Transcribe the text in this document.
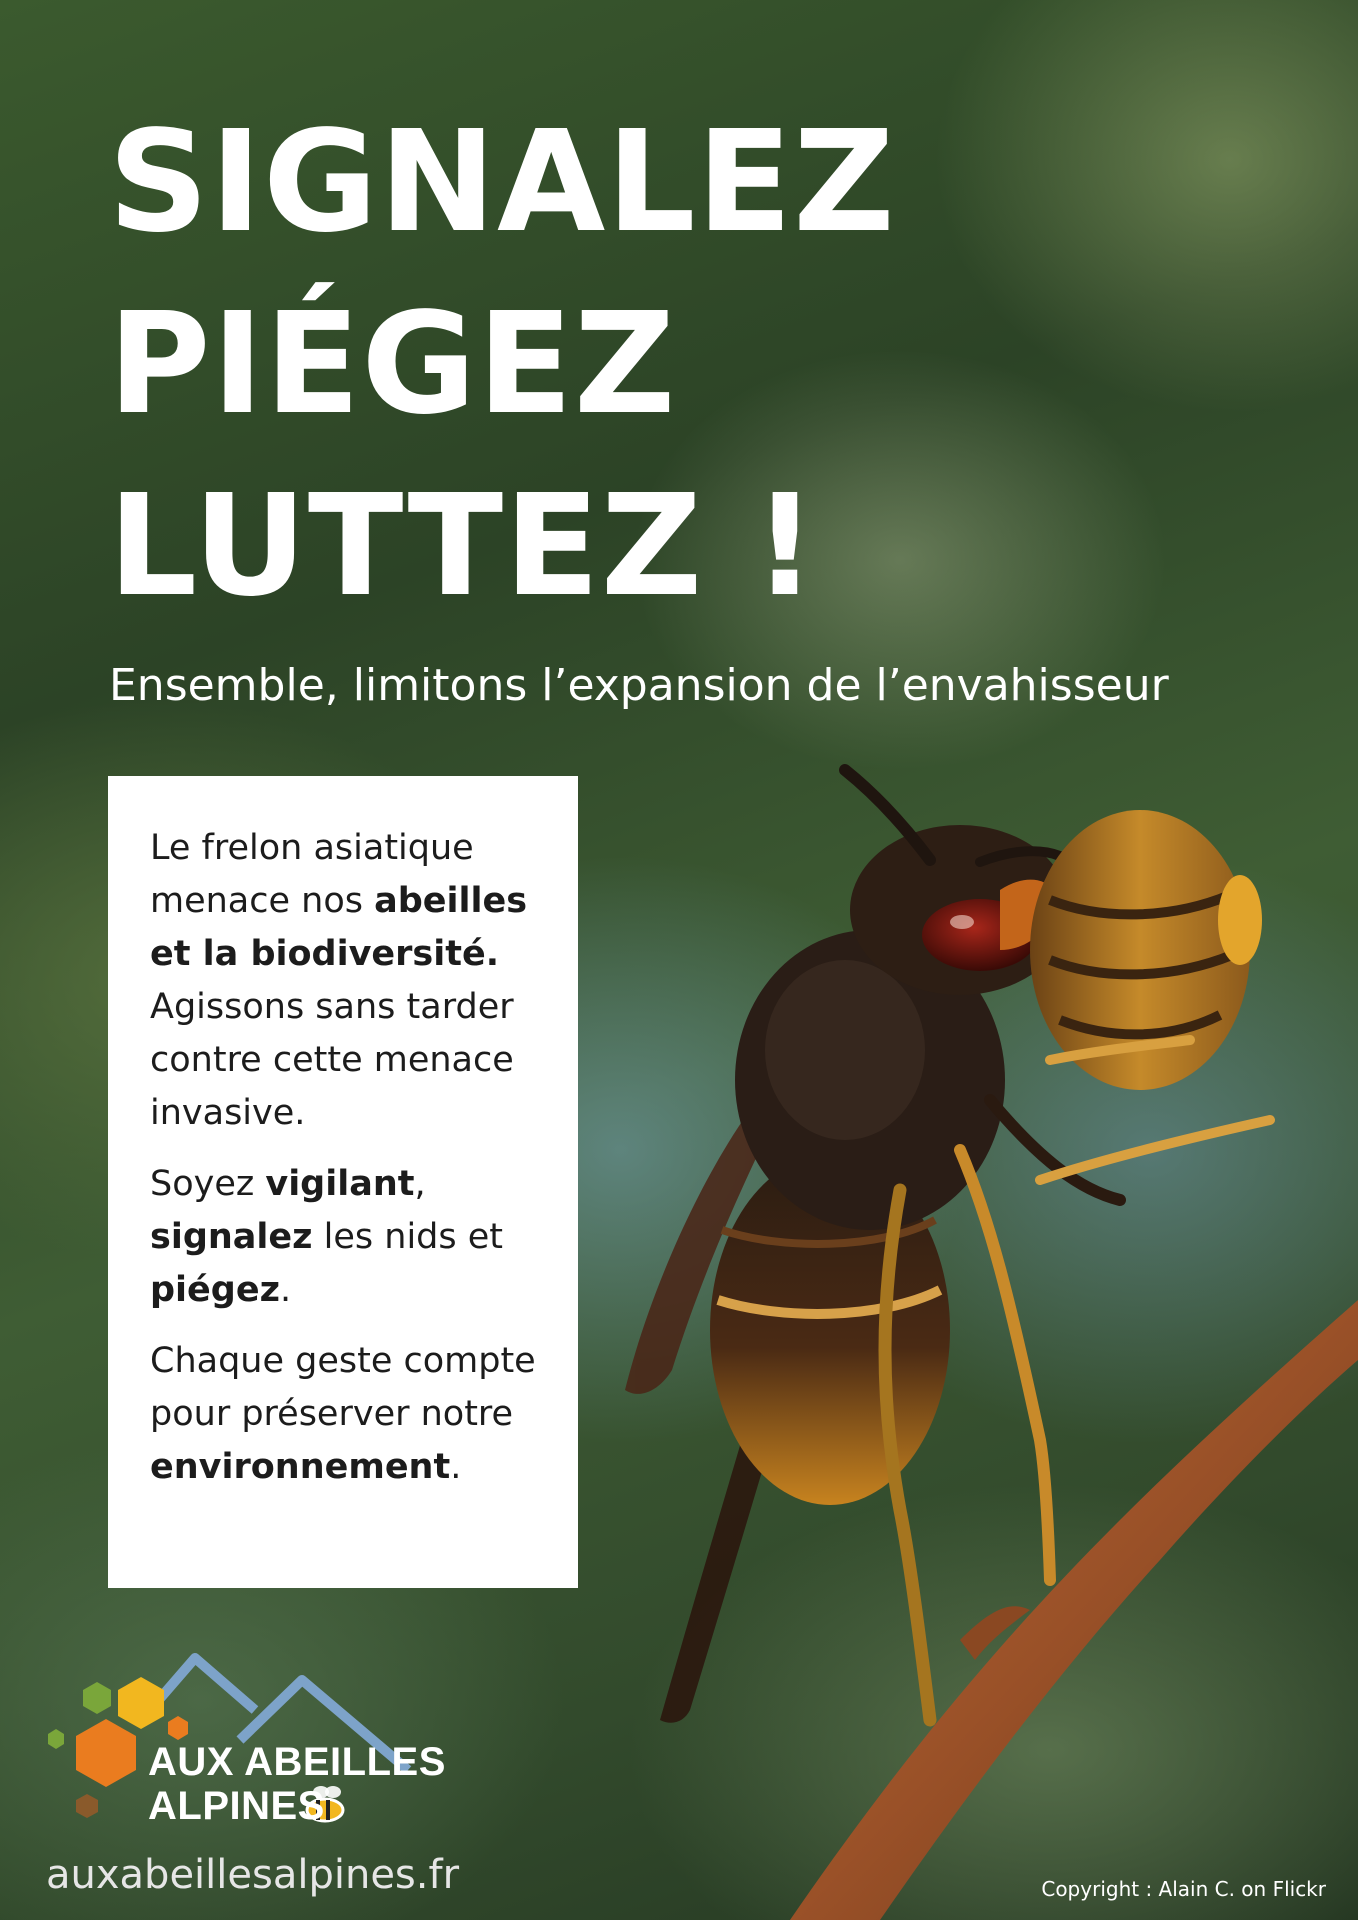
SIGNALEZ
PIÉGEZ
LUTTEZ !

Ensemble, limitons l’expansion de l’envahisseur

Le frelon asiatique menace nos abeilles et la biodiversité. Agissons sans tarder contre cette menace invasive.

Soyez vigilant, signalez les nids et piégez.

Chaque geste compte pour préserver notre environnement.

AUX ABEILLES
ALPINES

auxabeillesalpines.fr	Copyright : Alain C. on Flickr
